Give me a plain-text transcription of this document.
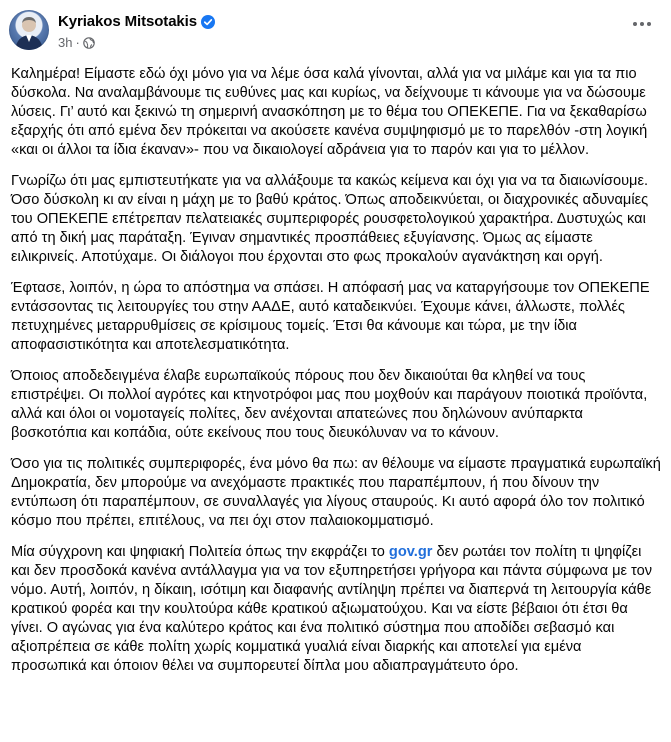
Kyriakos Mitsotakis
3h ·

Καλημέρα! Είμαστε εδώ όχι μόνο για να λέμε όσα καλά γίνονται, αλλά για να μιλάμε και για τα πιο δύσκολα. Να αναλαμβάνουμε τις ευθύνες μας και κυρίως, να δείχνουμε τι κάνουμε για να δώσουμε λύσεις. Γι’ αυτό και ξεκινώ τη σημερινή ανασκόπηση με το θέμα του ΟΠΕΚΕΠΕ. Για να ξεκαθαρίσω εξαρχής ότι από εμένα δεν πρόκειται να ακούσετε κανένα συμψηφισμό με το παρελθόν -στη λογική «και οι άλλοι τα ίδια έκαναν»- που να δικαιολογεί αδράνεια για το παρόν και για το μέλλον.

Γνωρίζω ότι μας εμπιστευτήκατε για να αλλάξουμε τα κακώς κείμενα και όχι για να τα διαιωνίσουμε. Όσο δύσκολη κι αν είναι η μάχη με το βαθύ κράτος. Όπως αποδεικνύεται, οι διαχρονικές αδυναμίες του ΟΠΕΚΕΠΕ επέτρεπαν πελατειακές συμπεριφορές ρουσφετολογικού χαρακτήρα. Δυστυχώς και από τη δική μας παράταξη. Έγιναν σημαντικές προσπάθειες εξυγίανσης. Όμως ας είμαστε ειλικρινείς. Αποτύχαμε. Οι διάλογοι που έρχονται στο φως προκαλούν αγανάκτηση και οργή.

Έφτασε, λοιπόν, η ώρα το απόστημα να σπάσει. Η απόφασή μας να καταργήσουμε τον ΟΠΕΚΕΠΕ εντάσσοντας τις λειτουργίες του στην ΑΑΔΕ, αυτό καταδεικνύει. Έχουμε κάνει, άλλωστε, πολλές πετυχημένες μεταρρυθμίσεις σε κρίσιμους τομείς. Έτσι θα κάνουμε και τώρα, με την ίδια αποφασιστικότητα και αποτελεσματικότητα.

Όποιος αποδεδειγμένα έλαβε ευρωπαϊκούς πόρους που δεν δικαιούται θα κληθεί να τους επιστρέψει. Οι πολλοί αγρότες και κτηνοτρόφοι μας που μοχθούν και παράγουν ποιοτικά προϊόντα, αλλά και όλοι οι νομοταγείς πολίτες, δεν ανέχονται απατεώνες που δηλώνουν ανύπαρκτα βοσκοτόπια και κοπάδια, ούτε εκείνους που τους διευκόλυναν να το κάνουν.

Όσο για τις πολιτικές συμπεριφορές, ένα μόνο θα πω: αν θέλουμε να είμαστε πραγματικά ευρωπαϊκή Δημοκρατία, δεν μπορούμε να ανεχόμαστε πρακτικές που παραπέμπουν, ή που δίνουν την εντύπωση ότι παραπέμπουν, σε συναλλαγές για λίγους σταυρούς. Κι αυτό αφορά όλο τον πολιτικό κόσμο που πρέπει, επιτέλους, να πει όχι στον παλαιοκομματισμό.

Μία σύγχρονη και ψηφιακή Πολιτεία όπως την εκφράζει το gov.gr δεν ρωτάει τον πολίτη τι ψηφίζει και δεν προσδοκά κανένα αντάλλαγμα για να τον εξυπηρετήσει γρήγορα και πάντα σύμφωνα με τον νόμο. Αυτή, λοιπόν, η δίκαιη, ισότιμη και διαφανής αντίληψη πρέπει να διαπερνά τη λειτουργία κάθε κρατικού φορέα και την κουλτούρα κάθε κρατικού αξιωματούχου. Και να είστε βέβαιοι ότι έτσι θα γίνει. Ο αγώνας για ένα καλύτερο κράτος και ένα πολιτικό σύστημα που αποδίδει σεβασμό και αξιοπρέπεια σε κάθε πολίτη χωρίς κομματικά γυαλιά είναι διαρκής και αποτελεί για εμένα προσωπικά και όποιον θέλει να συμπορευτεί δίπλα μου αδιαπραγμάτευτο όρο.
